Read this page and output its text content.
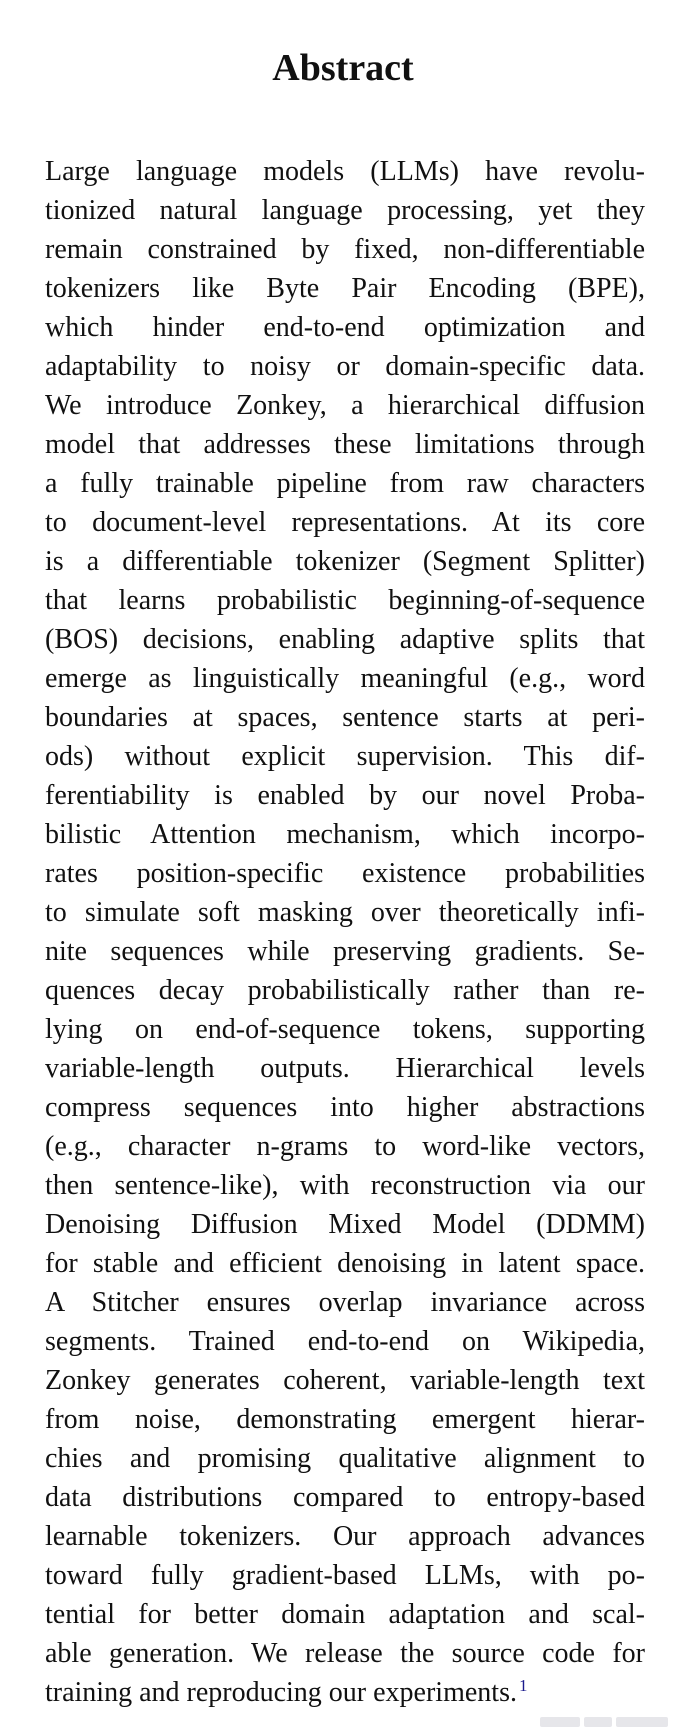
Abstract
Large language models (LLMs) have revolu-
tionized natural language processing, yet they
remain constrained by fixed, non-differentiable
tokenizers like Byte Pair Encoding (BPE),
which hinder end-to-end optimization and
adaptability to noisy or domain-specific data.
We introduce Zonkey, a hierarchical diffusion
model that addresses these limitations through
a fully trainable pipeline from raw characters
to document-level representations. At its core
is a differentiable tokenizer (Segment Splitter)
that learns probabilistic beginning-of-sequence
(BOS) decisions, enabling adaptive splits that
emerge as linguistically meaningful (e.g., word
boundaries at spaces, sentence starts at peri-
ods) without explicit supervision. This dif-
ferentiability is enabled by our novel Proba-
bilistic Attention mechanism, which incorpo-
rates position-specific existence probabilities
to simulate soft masking over theoretically infi-
nite sequences while preserving gradients. Se-
quences decay probabilistically rather than re-
lying on end-of-sequence tokens, supporting
variable-length outputs. Hierarchical levels
compress sequences into higher abstractions
(e.g., character n-grams to word-like vectors,
then sentence-like), with reconstruction via our
Denoising Diffusion Mixed Model (DDMM)
for stable and efficient denoising in latent space.
A Stitcher ensures overlap invariance across
segments. Trained end-to-end on Wikipedia,
Zonkey generates coherent, variable-length text
from noise, demonstrating emergent hierar-
chies and promising qualitative alignment to
data distributions compared to entropy-based
learnable tokenizers. Our approach advances
toward fully gradient-based LLMs, with po-
tential for better domain adaptation and scal-
able generation. We release the source code for
training and reproducing our experiments. $^1$
